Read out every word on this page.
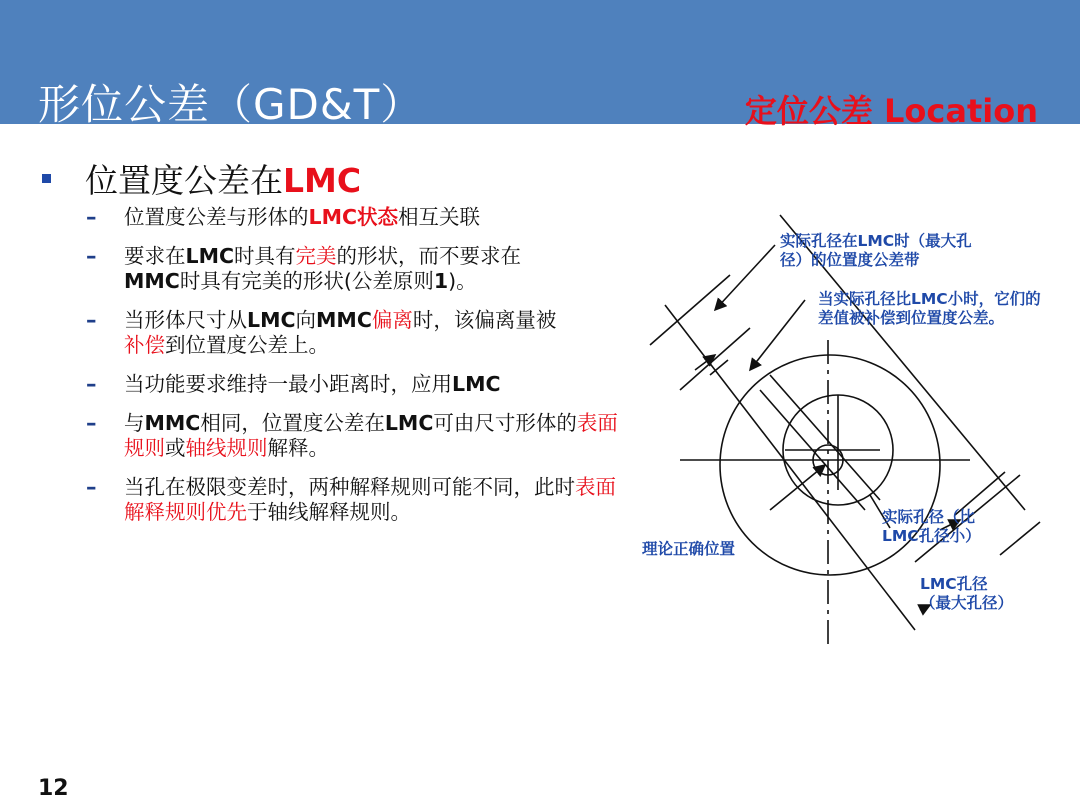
形位公差（GD&T）	定位公差 Location
位置度公差在LMC
–	位置度公差与形体的LMC状态相互关联
–	要求在LMC时具有完美的形状，而不要求在
MMC时具有完美的形状(公差原则1)。
–	当形体尺寸从LMC向MMC偏离时，该偏离量被
补偿到位置度公差上。
–	当功能要求维持一最小距离时，应用LMC
–	与MMC相同，位置度公差在LMC可由尺寸形体的表面规则或轴线规则解释。
–	当孔在极限变差时，两种解释规则可能不同，此时表面解释规则优先于轴线解释规则。
实际孔径在LMC时（最大孔
径）的位置度公差带
当实际孔径比LMC小时，它们的
差值被补偿到位置度公差。
实际孔径（比
LMC孔径小）
LMC孔径
（最大孔径）
理论正确位置
12
